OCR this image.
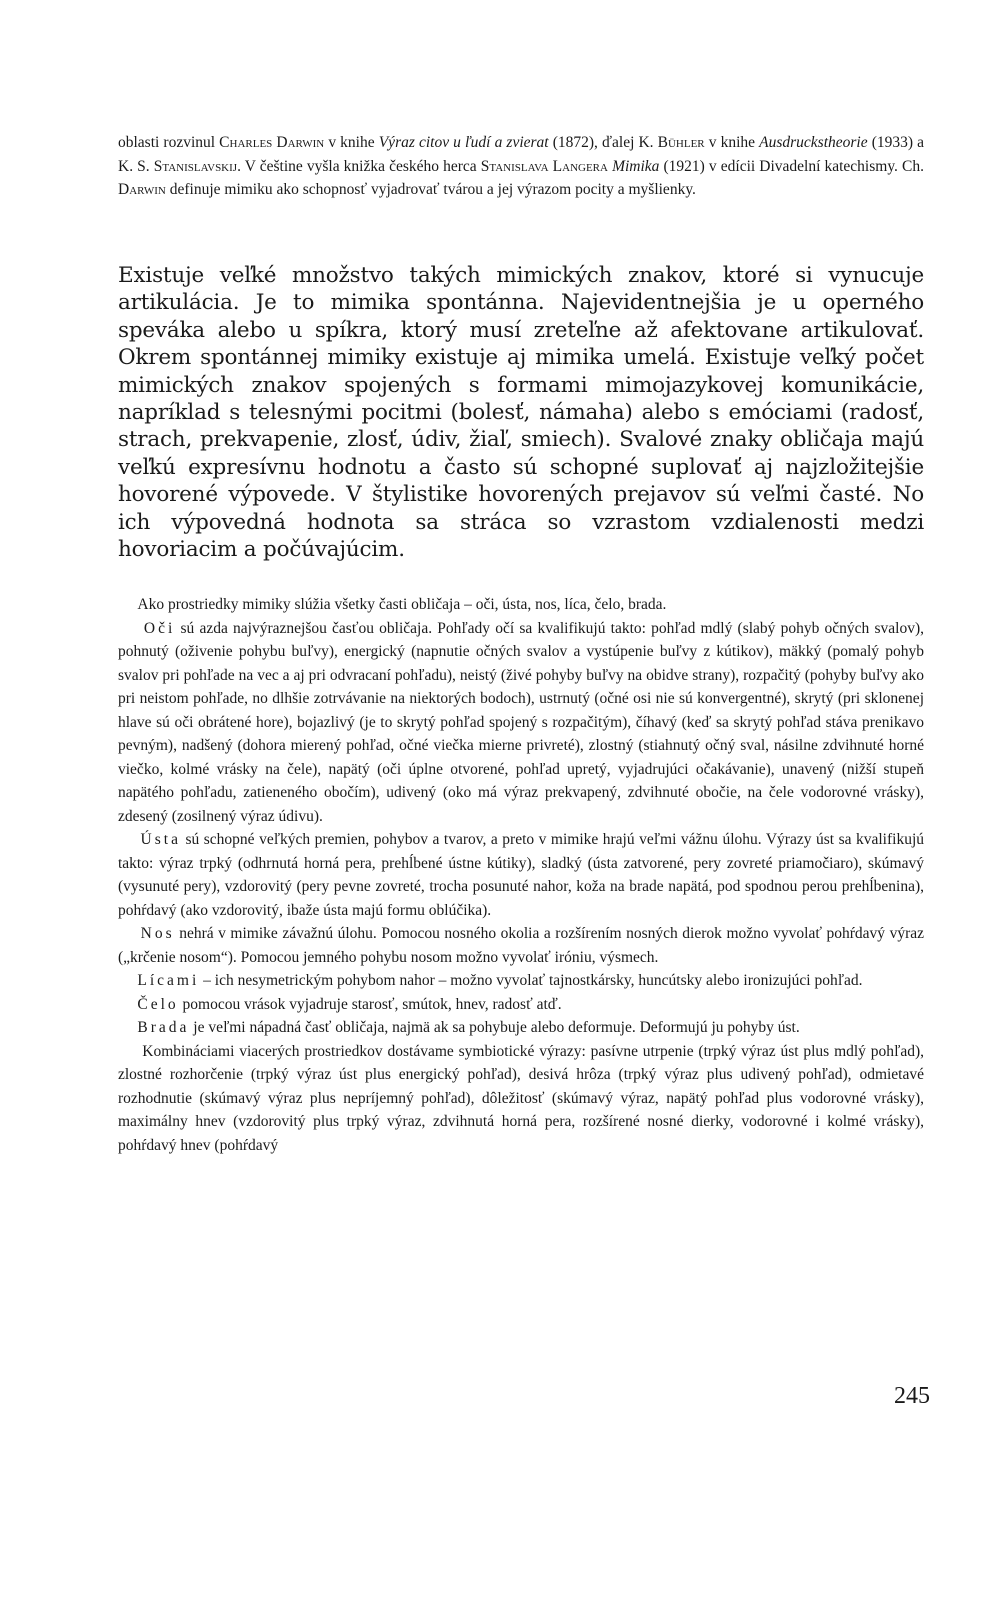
oblasti rozvinul Charles Darwin v knihe Výraz citov u ľudí a zvierat (1872), ďalej K. Bühler v knihe Ausdruckstheorie (1933) a K. S. Stanislavskij. V češtine vyšla knižka českého herca Stanislava Langera Mimika (1921) v edícii Divadelní katechismy. Ch. Darwin definuje mimiku ako schopnosť vyjadrovať tvárou a jej výrazom pocity a myšlienky.

Existuje veľké množstvo takých mimických znakov, ktoré si vynucuje artikulácia. Je to mimika spontánna. Najevidentnejšia je u operného speváka alebo u spíkra, ktorý musí zreteľne až afektovane artikulovať. Okrem spontánnej mimiky existuje aj mimika umelá. Existuje veľký počet mimických znakov spojených s formami mimojazykovej komunikácie, napríklad s telesnými pocitmi (bolesť, námaha) alebo s emóciami (radosť, strach, prekvapenie, zlosť, údiv, žiaľ, smiech). Svalové znaky obličaja majú veľkú expresívnu hodnotu a často sú schopné suplovať aj najzložitejšie hovorené výpovede. V štylistike hovorených prejavov sú veľmi časté. No ich výpovedná hodnota sa stráca so vzrastom vzdialenosti medzi hovoriacim a počúvajúcim.

Ako prostriedky mimiky slúžia všetky časti obličaja – oči, ústa, nos, líca, čelo, brada.

Oči sú azda najvýraznejšou časťou obličaja. Pohľady očí sa kvalifikujú takto: pohľad mdlý (slabý pohyb očných svalov), pohnutý (oživenie pohybu buľvy), energický (napnutie očných svalov a vystúpenie buľvy z kútikov), mäkký (pomalý pohyb svalov pri pohľade na vec a aj pri odvracaní pohľadu), neistý (živé pohyby buľvy na obidve strany), rozpačitý (pohyby buľvy ako pri neistom pohľade, no dlhšie zotrvávanie na niektorých bodoch), ustrnutý (očné osi nie sú konvergentné), skrytý (pri sklonenej hlave sú oči obrátené hore), bojazlivý (je to skrytý pohľad spojený s rozpačitým), číhavý (keď sa skrytý pohľad stáva prenikavo pevným), nadšený (dohora mierený pohľad, očné viečka mierne privreté), zlostný (stiahnutý očný sval, násilne zdvihnuté horné viečko, kolmé vrásky na čele), napätý (oči úplne otvorené, pohľad upretý, vyjadrujúci očakávanie), unavený (nižší stupeň napätého pohľadu, zatieneného obočím), udivený (oko má výraz prekvapený, zdvihnuté obočie, na čele vodorovné vrásky), zdesený (zosilnený výraz údivu).

Ústa sú schopné veľkých premien, pohybov a tvarov, a preto v mimike hrajú veľmi vážnu úlohu. Výrazy úst sa kvalifikujú takto: výraz trpký (odhrnutá horná pera, prehĺbené ústne kútiky), sladký (ústa zatvorené, pery zovreté priamočiaro), skúmavý (vysunuté pery), vzdorovitý (pery pevne zovreté, trocha posunuté nahor, koža na brade napätá, pod spodnou perou prehĺbenina), pohŕdavý (ako vzdorovitý, ibaže ústa majú formu oblúčika).

Nos nehrá v mimike závažnú úlohu. Pomocou nosného okolia a rozšírením nosných dierok možno vyvolať pohŕdavý výraz („krčenie nosom“). Pomocou jemného pohybu nosom možno vyvolať iróniu, výsmech.

Lícami – ich nesymetrickým pohybom nahor – možno vyvolať tajnostkársky, huncútsky alebo ironizujúci pohľad.

Čelo pomocou vrások vyjadruje starosť, smútok, hnev, radosť atď.

Brada je veľmi nápadná časť obličaja, najmä ak sa pohybuje alebo deformuje. Deformujú ju pohyby úst.

Kombináciami viacerých prostriedkov dostávame symbiotické výrazy: pasívne utrpenie (trpký výraz úst plus mdlý pohľad), zlostné rozhorčenie (trpký výraz úst plus energický pohľad), desivá hrôza (trpký výraz plus udivený pohľad), odmietavé rozhodnutie (skúmavý výraz plus nepríjemný pohľad), dôležitosť (skúmavý výraz, napätý pohľad plus vodorovné vrásky), maximálny hnev (vzdorovitý plus trpký výraz, zdvihnutá horná pera, rozšírené nosné dierky, vodorovné i kolmé vrásky), pohŕdavý hnev (pohŕdavý

245
